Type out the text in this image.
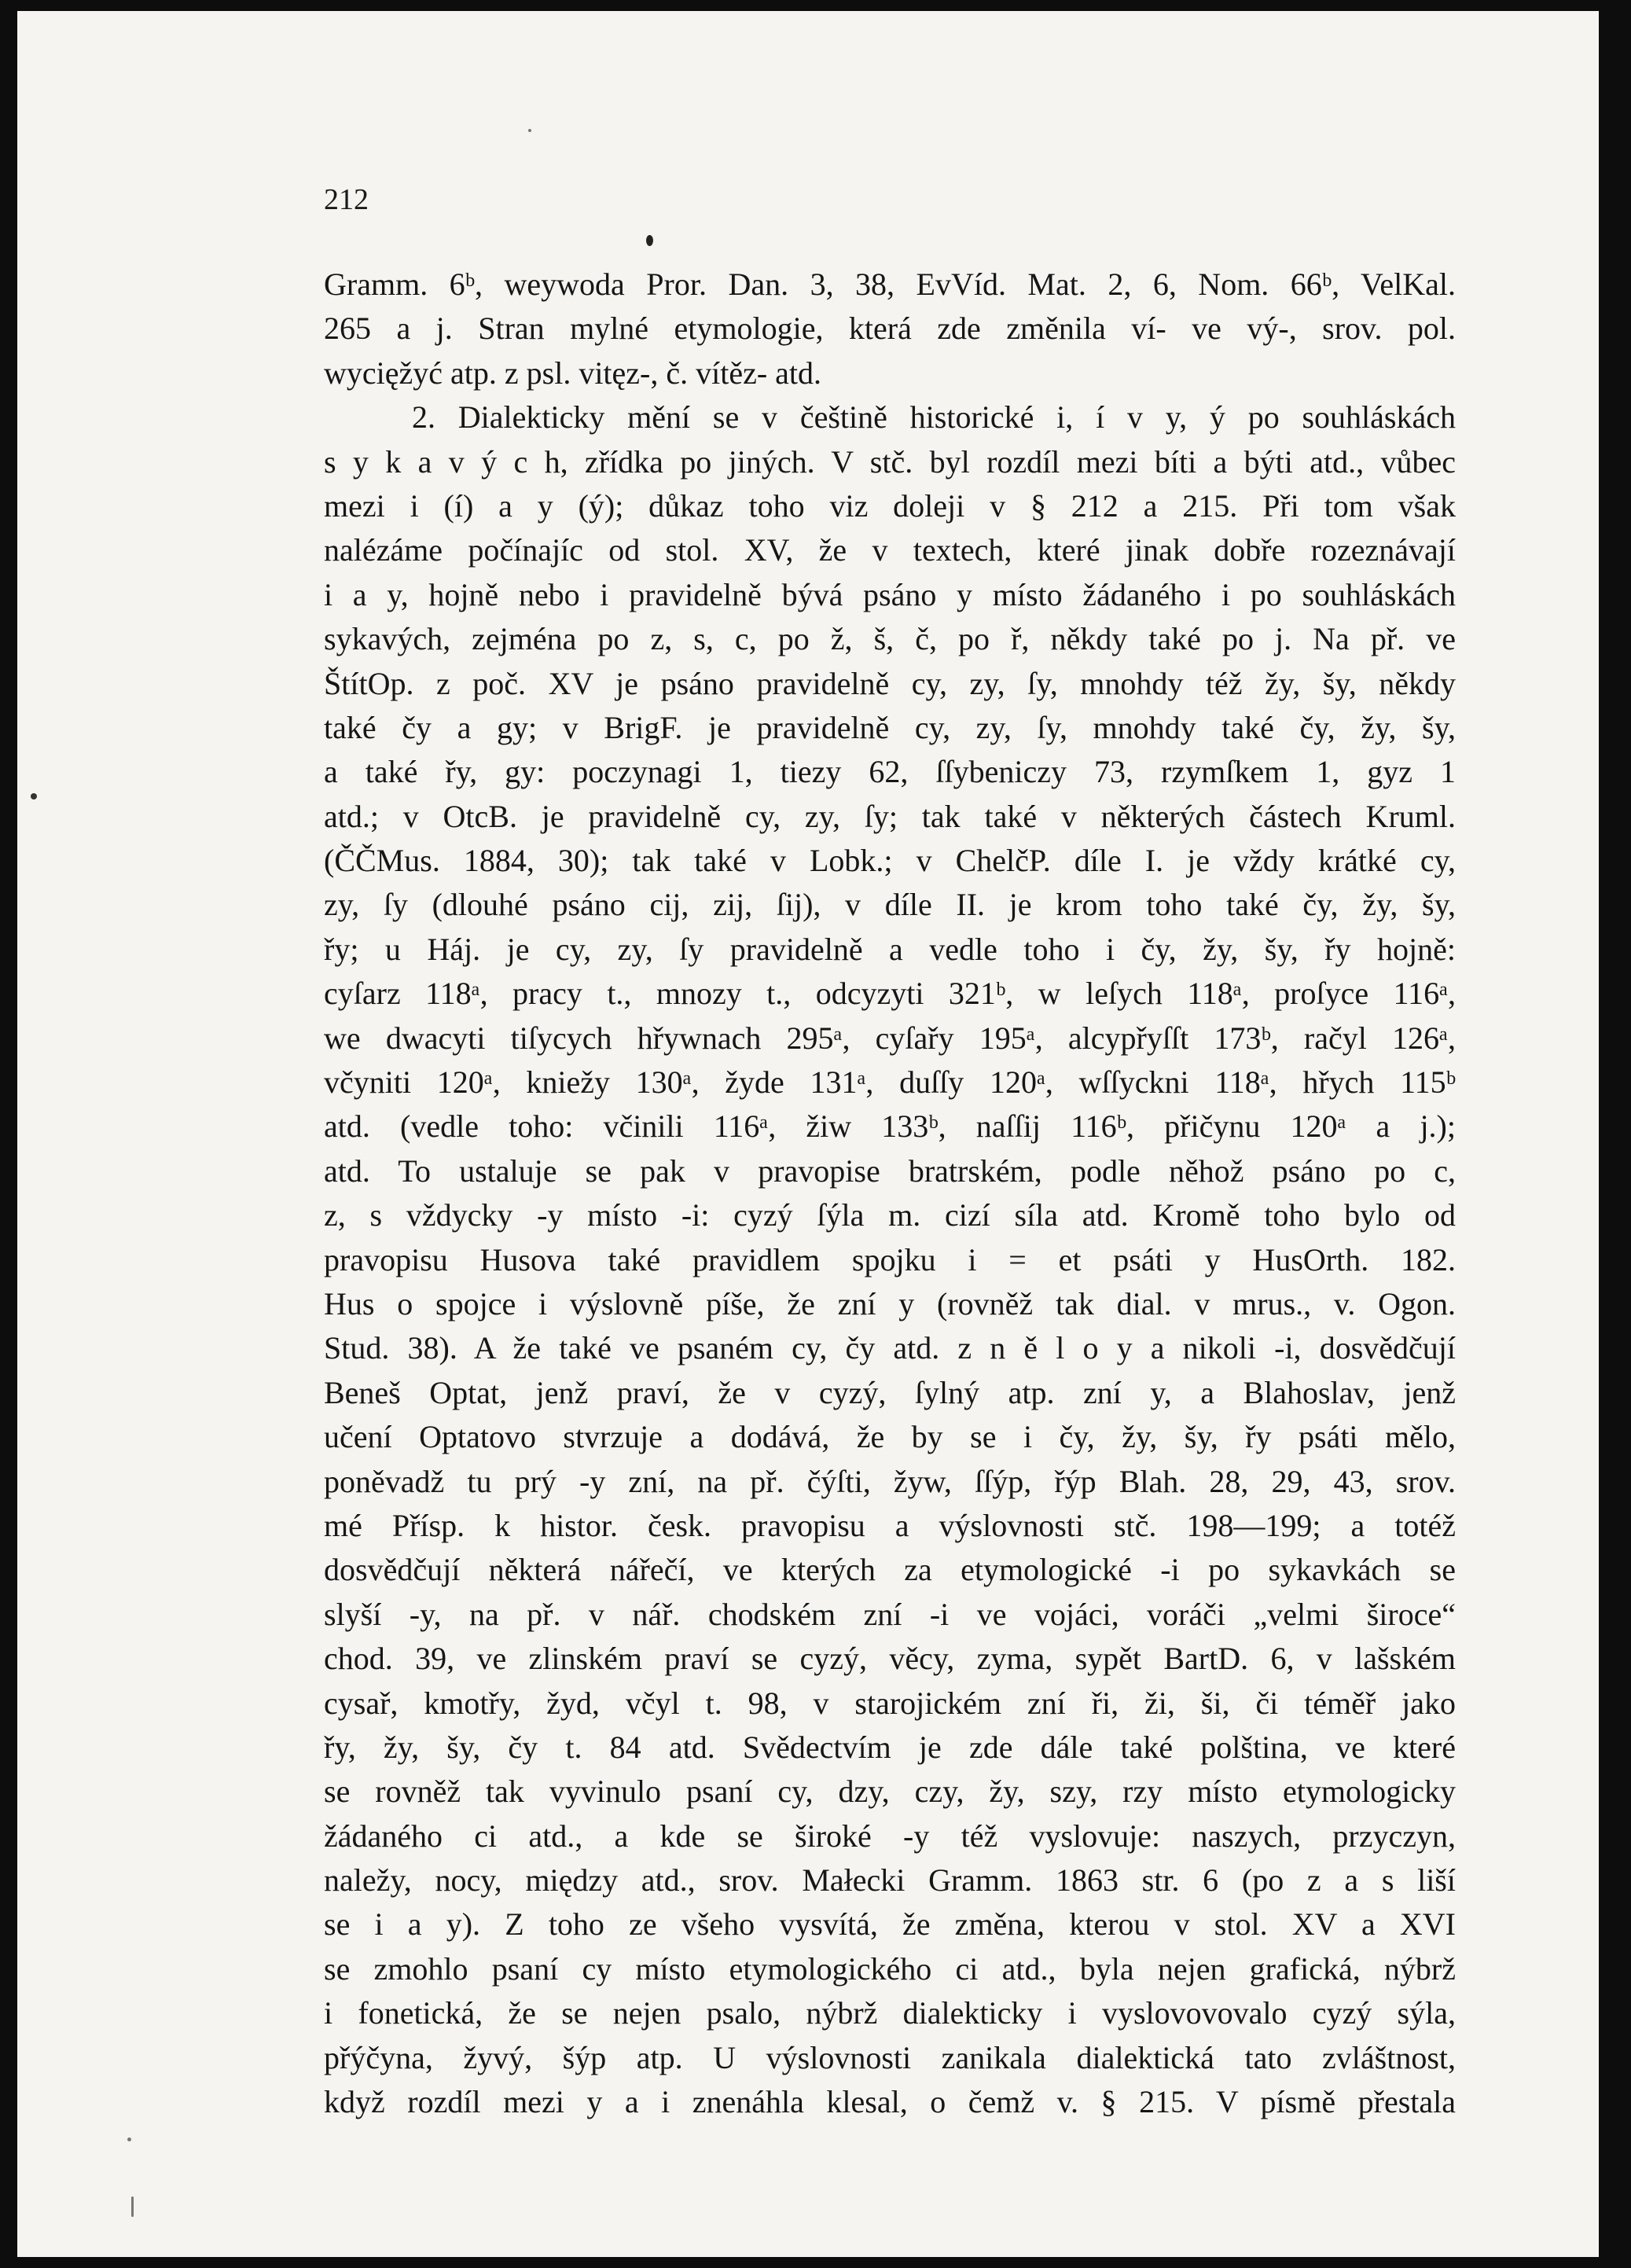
212
Gramm. 6ᵇ, weywoda Pror. Dan. 3, 38, EvVíd. Mat. 2, 6, Nom. 66ᵇ, VelKal.
265 a j. Stran mylné etymologie, která zde změnila ví- ve vý-, srov. pol.
wycięžyć atp. z psl. vitęz-, č. vítěz- atd.
2. Dialekticky mění se v češtině historické i, í v y, ý po souhláskách
s y k a v ý c h, zřídka po jiných. V stč. byl rozdíl mezi bíti a býti atd., vůbec
mezi i (í) a y (ý); důkaz toho viz doleji v § 212 a 215. Při tom však
nalézáme počínajíc od stol. XV, že v textech, které jinak dobře rozeznávají
i a y, hojně nebo i pravidelně bývá psáno y místo žádaného i po souhláskách
sykavých, zejména po z, s, c, po ž, š, č, po ř, někdy také po j. Na př. ve
ŠtítOp. z poč. XV je psáno pravidelně cy, zy, ſy, mnohdy též žy, šy, někdy
také čy a gy; v BrigF. je pravidelně cy, zy, ſy, mnohdy také čy, žy, šy,
a také řy, gy: poczynagi 1, tiezy 62, ſſybeniczy 73, rzymſkem 1, gyz 1
atd.; v OtcB. je pravidelně cy, zy, ſy; tak také v některých částech Kruml.
(ČČMus. 1884, 30); tak také v Lobk.; v ChelčP. díle I. je vždy krátké cy,
zy, ſy (dlouhé psáno cij, zij, ſij), v díle II. je krom toho také čy, žy, šy,
řy; u Háj. je cy, zy, ſy pravidelně a vedle toho i čy, žy, šy, řy hojně:
cyſarz 118ᵃ, pracy t., mnozy t., odcyzyti 321ᵇ, w leſych 118ᵃ, proſyce 116ᵃ,
we dwacyti tiſycych hřywnach 295ᵃ, cyſařy 195ᵃ, alcypřyſſt 173ᵇ, račyl 126ᵃ,
včyniti 120ᵃ, kniežy 130ᵃ, žyde 131ᵃ, duſſy 120ᵃ, wſſyckni 118ᵃ, hřych 115ᵇ
atd. (vedle toho: včinili 116ᵃ, žiw 133ᵇ, naſſij 116ᵇ, přičynu 120ᵃ a j.);
atd. To ustaluje se pak v pravopise bratrském, podle něhož psáno po c,
z, s vždycky -y místo -i: cyzý ſýla m. cizí síla atd. Kromě toho bylo od
pravopisu Husova také pravidlem spojku i = et psáti y HusOrth. 182.
Hus o spojce i výslovně píše, že zní y (rovněž tak dial. v mrus., v. Ogon.
Stud. 38). A že také ve psaném cy, čy atd. z n ě l o y a nikoli -i, dosvědčují
Beneš Optat, jenž praví, že v cyzý, ſylný atp. zní y, a Blahoslav, jenž
učení Optatovo stvrzuje a dodává, že by se i čy, žy, šy, řy psáti mělo,
poněvadž tu prý -y zní, na př. čýſti, žyw, ſſýp, řýp Blah. 28, 29, 43, srov.
mé Přísp. k histor. česk. pravopisu a výslovnosti stč. 198—199; a totéž
dosvědčují některá nářečí, ve kterých za etymologické -i po sykavkách se
slyší -y, na př. v nář. chodském zní -i ve vojáci, voráči „velmi široce“
chod. 39, ve zlinském praví se cyzý, věcy, zyma, sypět BartD. 6, v lašském
cysař, kmotřy, žyd, včyl t. 98, v starojickém zní ři, ži, ši, či téměř jako
řy, žy, šy, čy t. 84 atd. Svědectvím je zde dále také polština, ve které
se rovněž tak vyvinulo psaní cy, dzy, czy, žy, szy, rzy místo etymologicky
žádaného ci atd., a kde se široké -y též vyslovuje: naszych, przyczyn,
naležy, nocy, między atd., srov. Małecki Gramm. 1863 str. 6 (po z a s liší
se i a y). Z toho ze všeho vysvítá, že změna, kterou v stol. XV a XVI
se zmohlo psaní cy místo etymologického ci atd., byla nejen grafická, nýbrž
i fonetická, že se nejen psalo, nýbrž dialekticky i vyslovovovalo cyzý sýla,
přýčyna, žyvý, šýp atp. U výslovnosti zanikala dialektická tato zvláštnost,
když rozdíl mezi y a i znenáhla klesal, o čemž v. § 215. V písmě přestala
